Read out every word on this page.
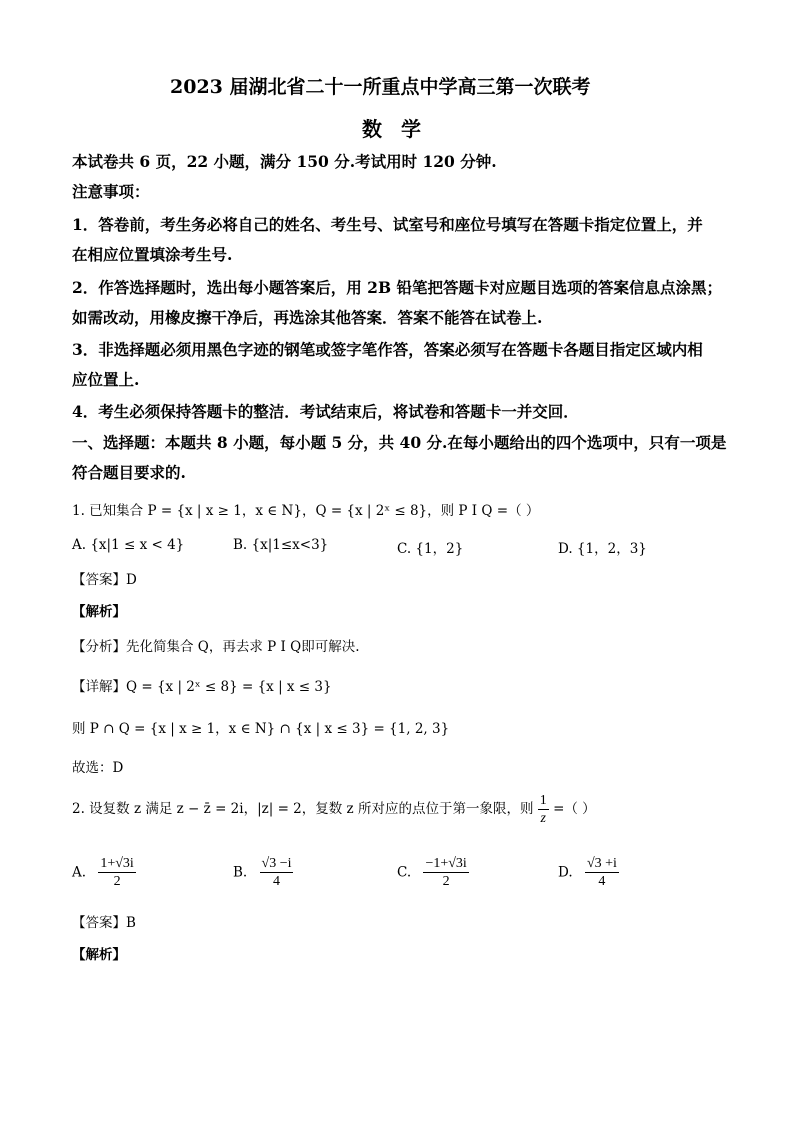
2023 届湖北省二十一所重点中学高三第一次联考
数 学
本试卷共 6 页，22 小题，满分 150 分.考试用时 120 分钟.
注意事项：
1．答卷前，考生务必将自己的姓名、考生号、试室号和座位号填写在答题卡指定位置上，并
在相应位置填涂考生号.
2．作答选择题时，选出每小题答案后，用 2B 铅笔把答题卡对应题目选项的答案信息点涂黑；
如需改动，用橡皮擦干净后，再选涂其他答案．答案不能答在试卷上.
3．非选择题必须用黑色字迹的钢笔或签字笔作答，答案必须写在答题卡各题目指定区域内相
应位置上.
4．考生必须保持答题卡的整洁．考试结束后，将试卷和答题卡一并交回．
一、选择题：本题共 8 小题，每小题 5 分，共 40 分.在每小题给出的四个选项中，只有一项是
符合题目要求的.
1. 已知集合 P = {x | x ≥ 1，x ∈ N}，Q = {x | 2ˣ ≤ 8}，则 P I Q =（ ）
A. {x|1 ≤ x < 4}	B. {x|1≤x<3}	C. {1，2}	D. {1，2，3}
【答案】D
【解析】
【分析】先化简集合 Q，再去求 P I Q即可解决.
【详解】Q = {x | 2ˣ ≤ 8} = {x | x ≤ 3}
则 P ∩ Q = {x | x ≥ 1，x ∈ N} ∩ {x | x ≤ 3} = {1, 2, 3}
故选：D
2. 设复数 z 满足 z − z̄ = 2i，|z| = 2，复数 z 所对应的点位于第一象限，则 $\frac{1}{z}$ =（ ）
A. $\frac{1+√3i}{2}$	B. $\frac{√3 -i}{4}$	C. $\frac{-1+√3i}{2}$	D. $\frac{√3 +i}{4}$
【答案】B
【解析】
